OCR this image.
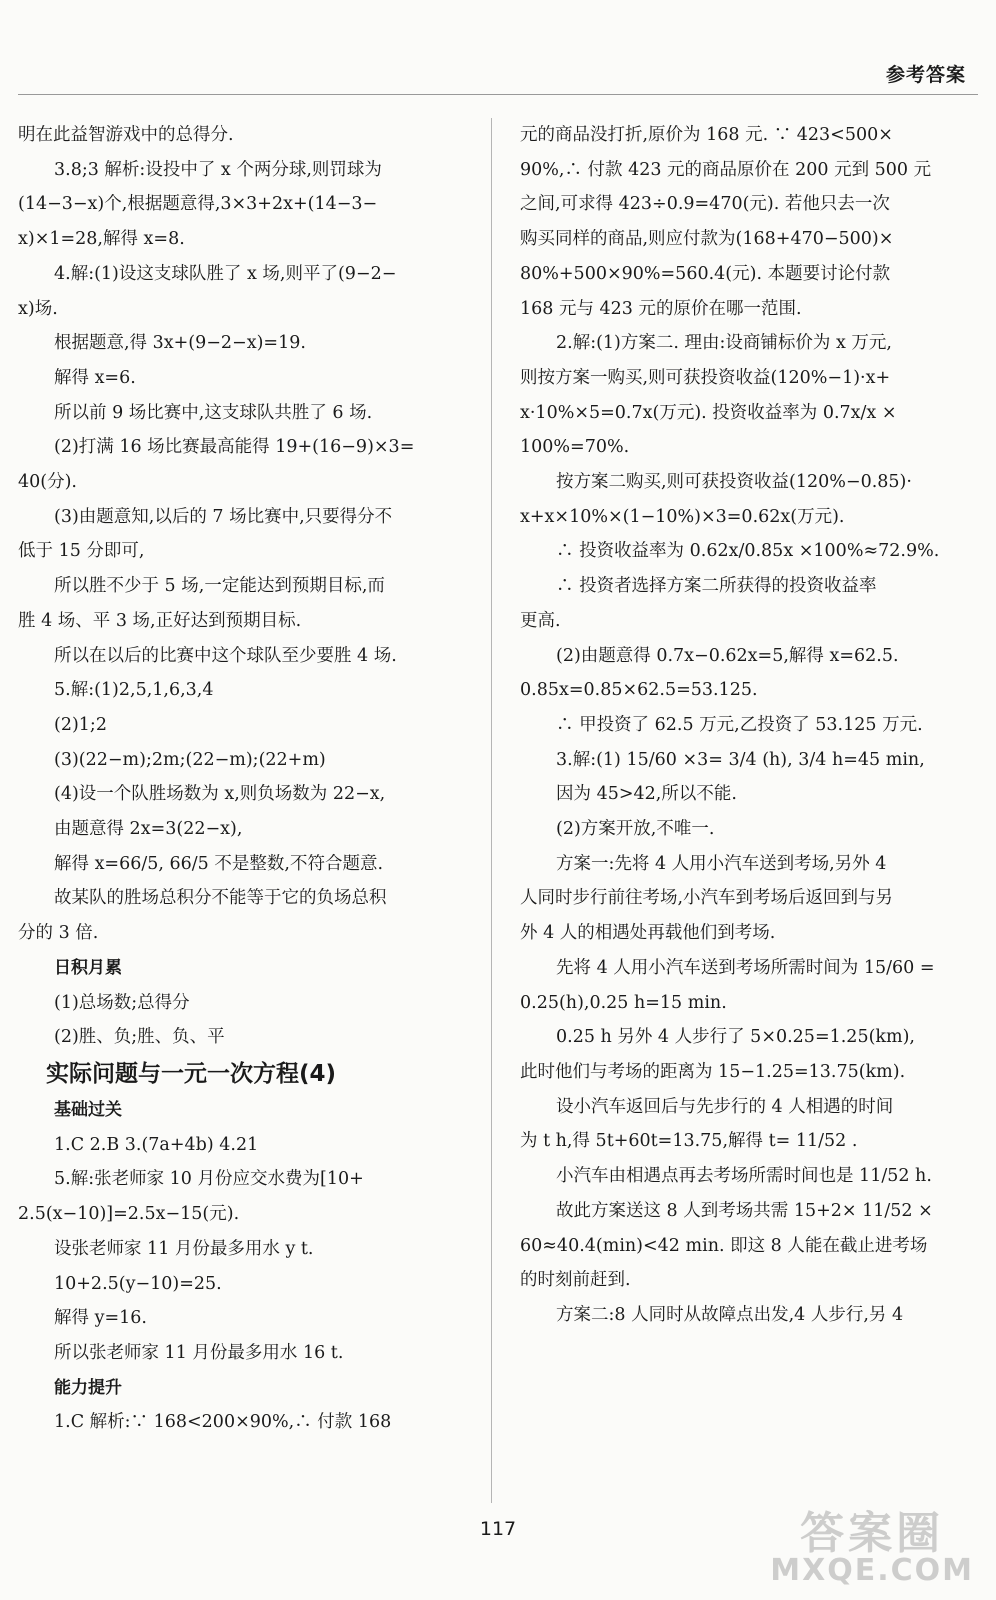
参考答案
明在此益智游戏中的总得分.
3.8;3 解析:设投中了 x 个两分球,则罚球为
(14−3−x)个,根据题意得,3×3+2x+(14−3−
x)×1=28,解得 x=8.
4.解:(1)设这支球队胜了 x 场,则平了(9−2−
x)场.
根据题意,得 3x+(9−2−x)=19.
解得 x=6.
所以前 9 场比赛中,这支球队共胜了 6 场.
(2)打满 16 场比赛最高能得 19+(16−9)×3=
40(分).
(3)由题意知,以后的 7 场比赛中,只要得分不
低于 15 分即可,
所以胜不少于 5 场,一定能达到预期目标,而
胜 4 场、平 3 场,正好达到预期目标.
所以在以后的比赛中这个球队至少要胜 4 场.
5.解:(1)2,5,1,6,3,4
(2)1;2
(3)(22−m);2m;(22−m);(22+m)
(4)设一个队胜场数为 x,则负场数为 22−x,
由题意得 2x=3(22−x),
解得 x=66/5, 66/5 不是整数,不符合题意.
故某队的胜场总积分不能等于它的负场总积
分的 3 倍.
日积月累
(1)总场数;总得分
(2)胜、负;胜、负、平
实际问题与一元一次方程(4)
基础过关
1.C 2.B 3.(7a+4b) 4.21
5.解:张老师家 10 月份应交水费为[10+
2.5(x−10)]=2.5x−15(元).
设张老师家 11 月份最多用水 y t.
10+2.5(y−10)=25.
解得 y=16.
所以张老师家 11 月份最多用水 16 t.
能力提升
1.C 解析:∵ 168<200×90%,∴ 付款 168
元的商品没打折,原价为 168 元. ∵ 423<500×
90%,∴ 付款 423 元的商品原价在 200 元到 500 元
之间,可求得 423÷0.9=470(元). 若他只去一次
购买同样的商品,则应付款为(168+470−500)×
80%+500×90%=560.4(元). 本题要讨论付款
168 元与 423 元的原价在哪一范围.
2.解:(1)方案二. 理由:设商铺标价为 x 万元,
则按方案一购买,则可获投资收益(120%−1)·x+
x·10%×5=0.7x(万元). 投资收益率为 0.7x/x ×
100%=70%.
按方案二购买,则可获投资收益(120%−0.85)·
x+x×10%×(1−10%)×3=0.62x(万元).
∴ 投资收益率为 0.62x/0.85x ×100%≈72.9%.
∴ 投资者选择方案二所获得的投资收益率
更高.
(2)由题意得 0.7x−0.62x=5,解得 x=62.5.
0.85x=0.85×62.5=53.125.
∴ 甲投资了 62.5 万元,乙投资了 53.125 万元.
3.解:(1) 15/60 ×3= 3/4 (h), 3/4 h=45 min,
因为 45>42,所以不能.
(2)方案开放,不唯一.
方案一:先将 4 人用小汽车送到考场,另外 4
人同时步行前往考场,小汽车到考场后返回到与另
外 4 人的相遇处再载他们到考场.
先将 4 人用小汽车送到考场所需时间为 15/60 =
0.25(h),0.25 h=15 min.
0.25 h 另外 4 人步行了 5×0.25=1.25(km),
此时他们与考场的距离为 15−1.25=13.75(km).
设小汽车返回后与先步行的 4 人相遇的时间
为 t h,得 5t+60t=13.75,解得 t= 11/52 .
小汽车由相遇点再去考场所需时间也是 11/52 h.
故此方案送这 8 人到考场共需 15+2× 11/52 ×
60≈40.4(min)<42 min. 即这 8 人能在截止进考场
的时刻前赶到.
方案二:8 人同时从故障点出发,4 人步行,另 4
117	答案圈
MXQE.COM
